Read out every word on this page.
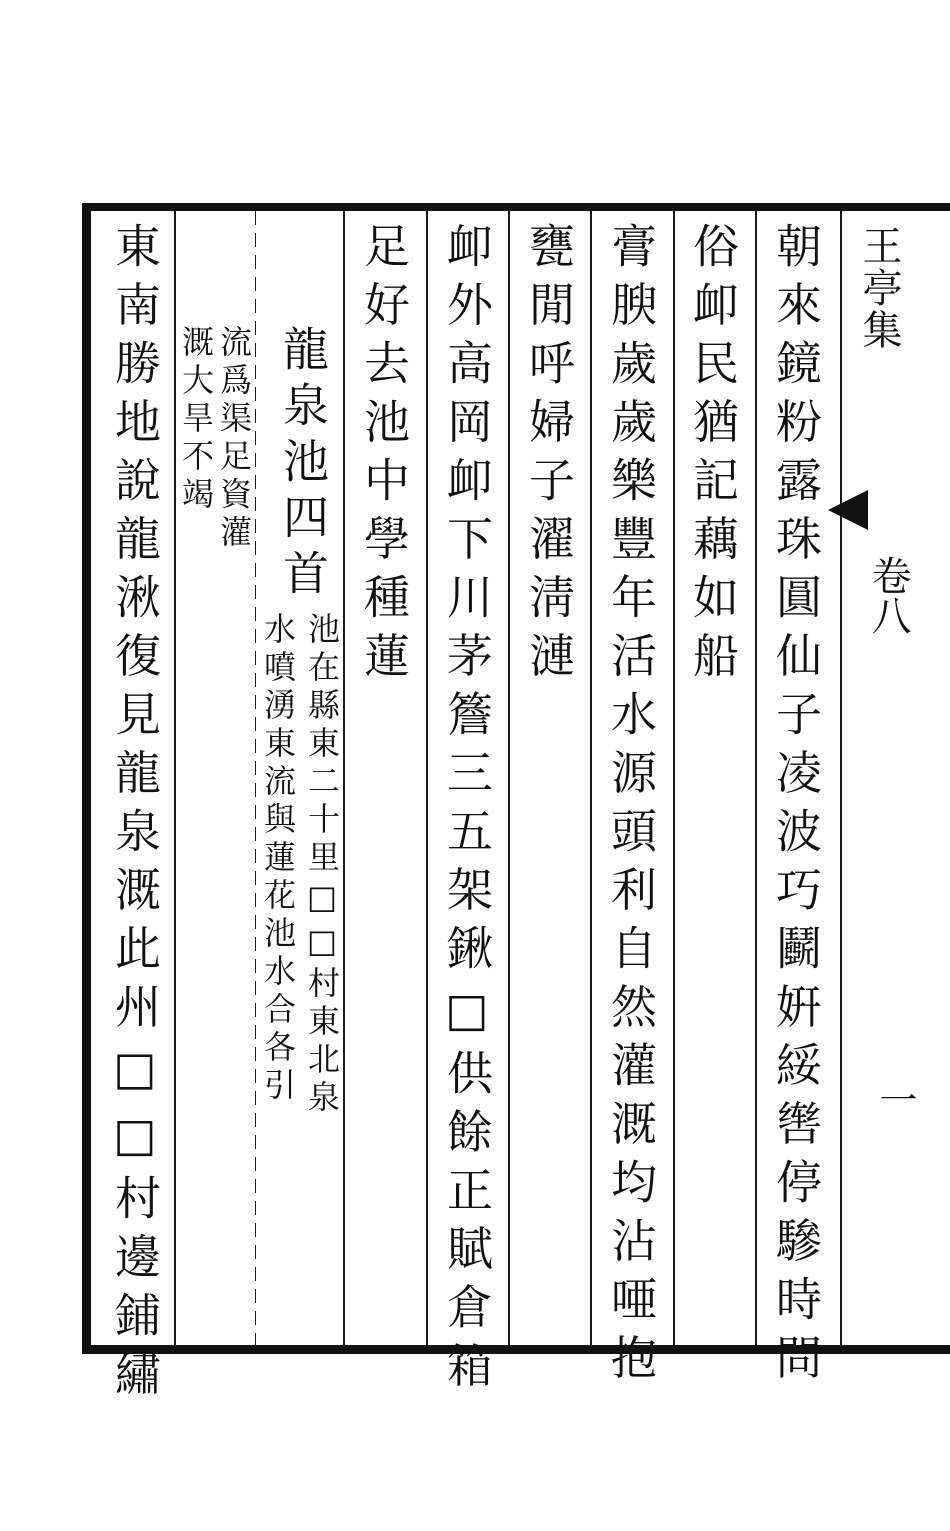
王亭集
卷八
一
朝來鏡粉露珠圓仙子凌波巧鬬姸綏辔停驂時問
俗卹民猶記藕如船
膏腴歲歲樂豐年活水源頭利自然灌溉均沾唖抱
甕閒呼婦子濯淸漣
卹外高岡卹下川茅簷三五架鍬□供餘正賦倉箱
足好去池中學種蓮
龍泉池四首
池在縣東二十里□□村東北泉
水噴湧東流與蓮花池水合各引
流爲渠足資灌
溉大旱不竭
東南勝地說龍湫復見龍泉溉此州□□村邊鋪繡
